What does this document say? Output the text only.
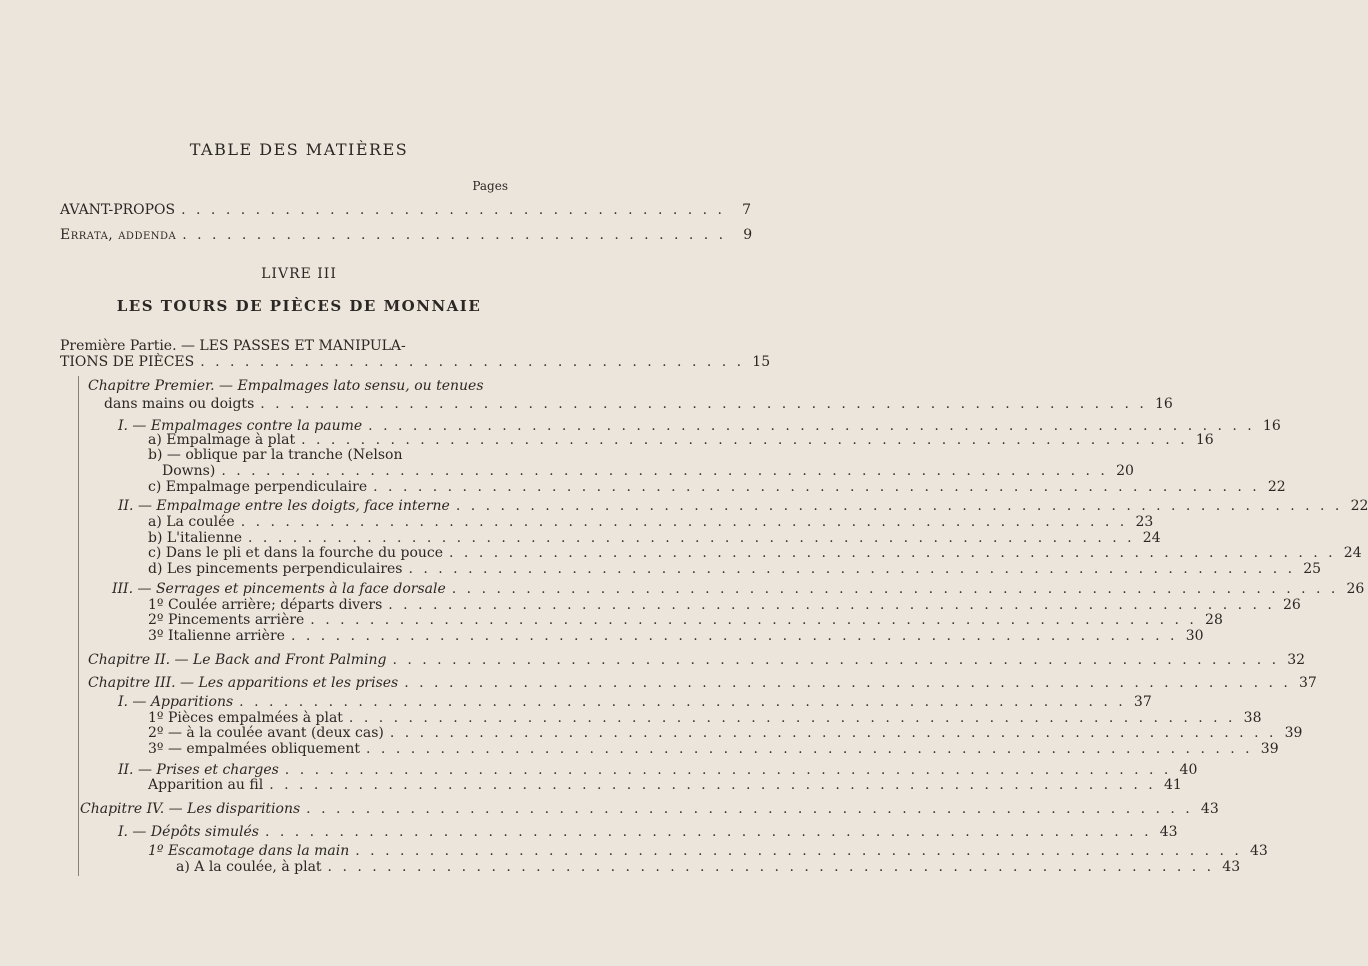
TABLE DES MATIÈRES
Pages
AVANT-PROPOS . . . . . . . . . . . . . . . . . . . . . . . . . . . . . . . . . . . . .	7
Errata, addenda . . . . . . . . . . . . . . . . . . . . . . . . . . . . . . . . . . . . .	9
LIVRE III
LES TOURS DE PIÈCES DE MONNAIE
Première Partie. — LES PASSES ET MANIPULA-
TIONS DE PIÈCES . . . . . . . . . . . . . . . . . . . . . . . . . . . . . . . . . . . . . 15
Chapitre Premier. — Empalmages lato sensu, ou tenues
dans mains ou doigts . . . . . . . . . . . . . . . . . . . . . . . . . . . . . . . . . . . . . . . . . . . . . . . . . . . . . . . . . . . . 16
I. — Empalmages contre la paume . . . . . . . . . . . . . . . . . . . . . . . . . . . . . . . . . . . . . . . . . . . . . . . . . . . . . . . . . . . . 16
a) Empalmage à plat . . . . . . . . . . . . . . . . . . . . . . . . . . . . . . . . . . . . . . . . . . . . . . . . . . . . . . . . . . . . 16
b) — oblique par la tranche (Nelson
Downs) . . . . . . . . . . . . . . . . . . . . . . . . . . . . . . . . . . . . . . . . . . . . . . . . . . . . . . . . . . . . 20
c) Empalmage perpendiculaire . . . . . . . . . . . . . . . . . . . . . . . . . . . . . . . . . . . . . . . . . . . . . . . . . . . . . . . . . . . . 22
II. — Empalmage entre les doigts, face interne . . . . . . . . . . . . . . . . . . . . . . . . . . . . . . . . . . . . . . . . . . . . . . . . . . . . . . . . . . . . 22
a) La coulée . . . . . . . . . . . . . . . . . . . . . . . . . . . . . . . . . . . . . . . . . . . . . . . . . . . . . . . . . . . . 23
b) L'italienne . . . . . . . . . . . . . . . . . . . . . . . . . . . . . . . . . . . . . . . . . . . . . . . . . . . . . . . . . . . . 24
c) Dans le pli et dans la fourche du pouce . . . . . . . . . . . . . . . . . . . . . . . . . . . . . . . . . . . . . . . . . . . . . . . . . . . . . . . . . . . . 24
d) Les pincements perpendiculaires . . . . . . . . . . . . . . . . . . . . . . . . . . . . . . . . . . . . . . . . . . . . . . . . . . . . . . . . . . . . 25
III. — Serrages et pincements à la face dorsale . . . . . . . . . . . . . . . . . . . . . . . . . . . . . . . . . . . . . . . . . . . . . . . . . . . . . . . . . . . . 26
1º Coulée arrière; départs divers . . . . . . . . . . . . . . . . . . . . . . . . . . . . . . . . . . . . . . . . . . . . . . . . . . . . . . . . . . . . 26
2º Pincements arrière . . . . . . . . . . . . . . . . . . . . . . . . . . . . . . . . . . . . . . . . . . . . . . . . . . . . . . . . . . . . 28
3º Italienne arrière . . . . . . . . . . . . . . . . . . . . . . . . . . . . . . . . . . . . . . . . . . . . . . . . . . . . . . . . . . . . 30
Chapitre II. — Le Back and Front Palming . . . . . . . . . . . . . . . . . . . . . . . . . . . . . . . . . . . . . . . . . . . . . . . . . . . . . . . . . . . . 32
Chapitre III. — Les apparitions et les prises . . . . . . . . . . . . . . . . . . . . . . . . . . . . . . . . . . . . . . . . . . . . . . . . . . . . . . . . . . . . 37
I. — Apparitions . . . . . . . . . . . . . . . . . . . . . . . . . . . . . . . . . . . . . . . . . . . . . . . . . . . . . . . . . . . . 37
1º Pièces empalmées à plat . . . . . . . . . . . . . . . . . . . . . . . . . . . . . . . . . . . . . . . . . . . . . . . . . . . . . . . . . . . . 38
2º — à la coulée avant (deux cas) . . . . . . . . . . . . . . . . . . . . . . . . . . . . . . . . . . . . . . . . . . . . . . . . . . . . . . . . . . . . 39
3º — empalmées obliquement . . . . . . . . . . . . . . . . . . . . . . . . . . . . . . . . . . . . . . . . . . . . . . . . . . . . . . . . . . . . 39
II. — Prises et charges . . . . . . . . . . . . . . . . . . . . . . . . . . . . . . . . . . . . . . . . . . . . . . . . . . . . . . . . . . . . 40
Apparition au fil . . . . . . . . . . . . . . . . . . . . . . . . . . . . . . . . . . . . . . . . . . . . . . . . . . . . . . . . . . . . 41
Chapitre IV. — Les disparitions . . . . . . . . . . . . . . . . . . . . . . . . . . . . . . . . . . . . . . . . . . . . . . . . . . . . . . . . . . . . 43
I. — Dépôts simulés . . . . . . . . . . . . . . . . . . . . . . . . . . . . . . . . . . . . . . . . . . . . . . . . . . . . . . . . . . . . 43
1º Escamotage dans la main . . . . . . . . . . . . . . . . . . . . . . . . . . . . . . . . . . . . . . . . . . . . . . . . . . . . . . . . . . . . 43
a) A la coulée, à plat . . . . . . . . . . . . . . . . . . . . . . . . . . . . . . . . . . . . . . . . . . . . . . . . . . . . . . . . . . . . 43
